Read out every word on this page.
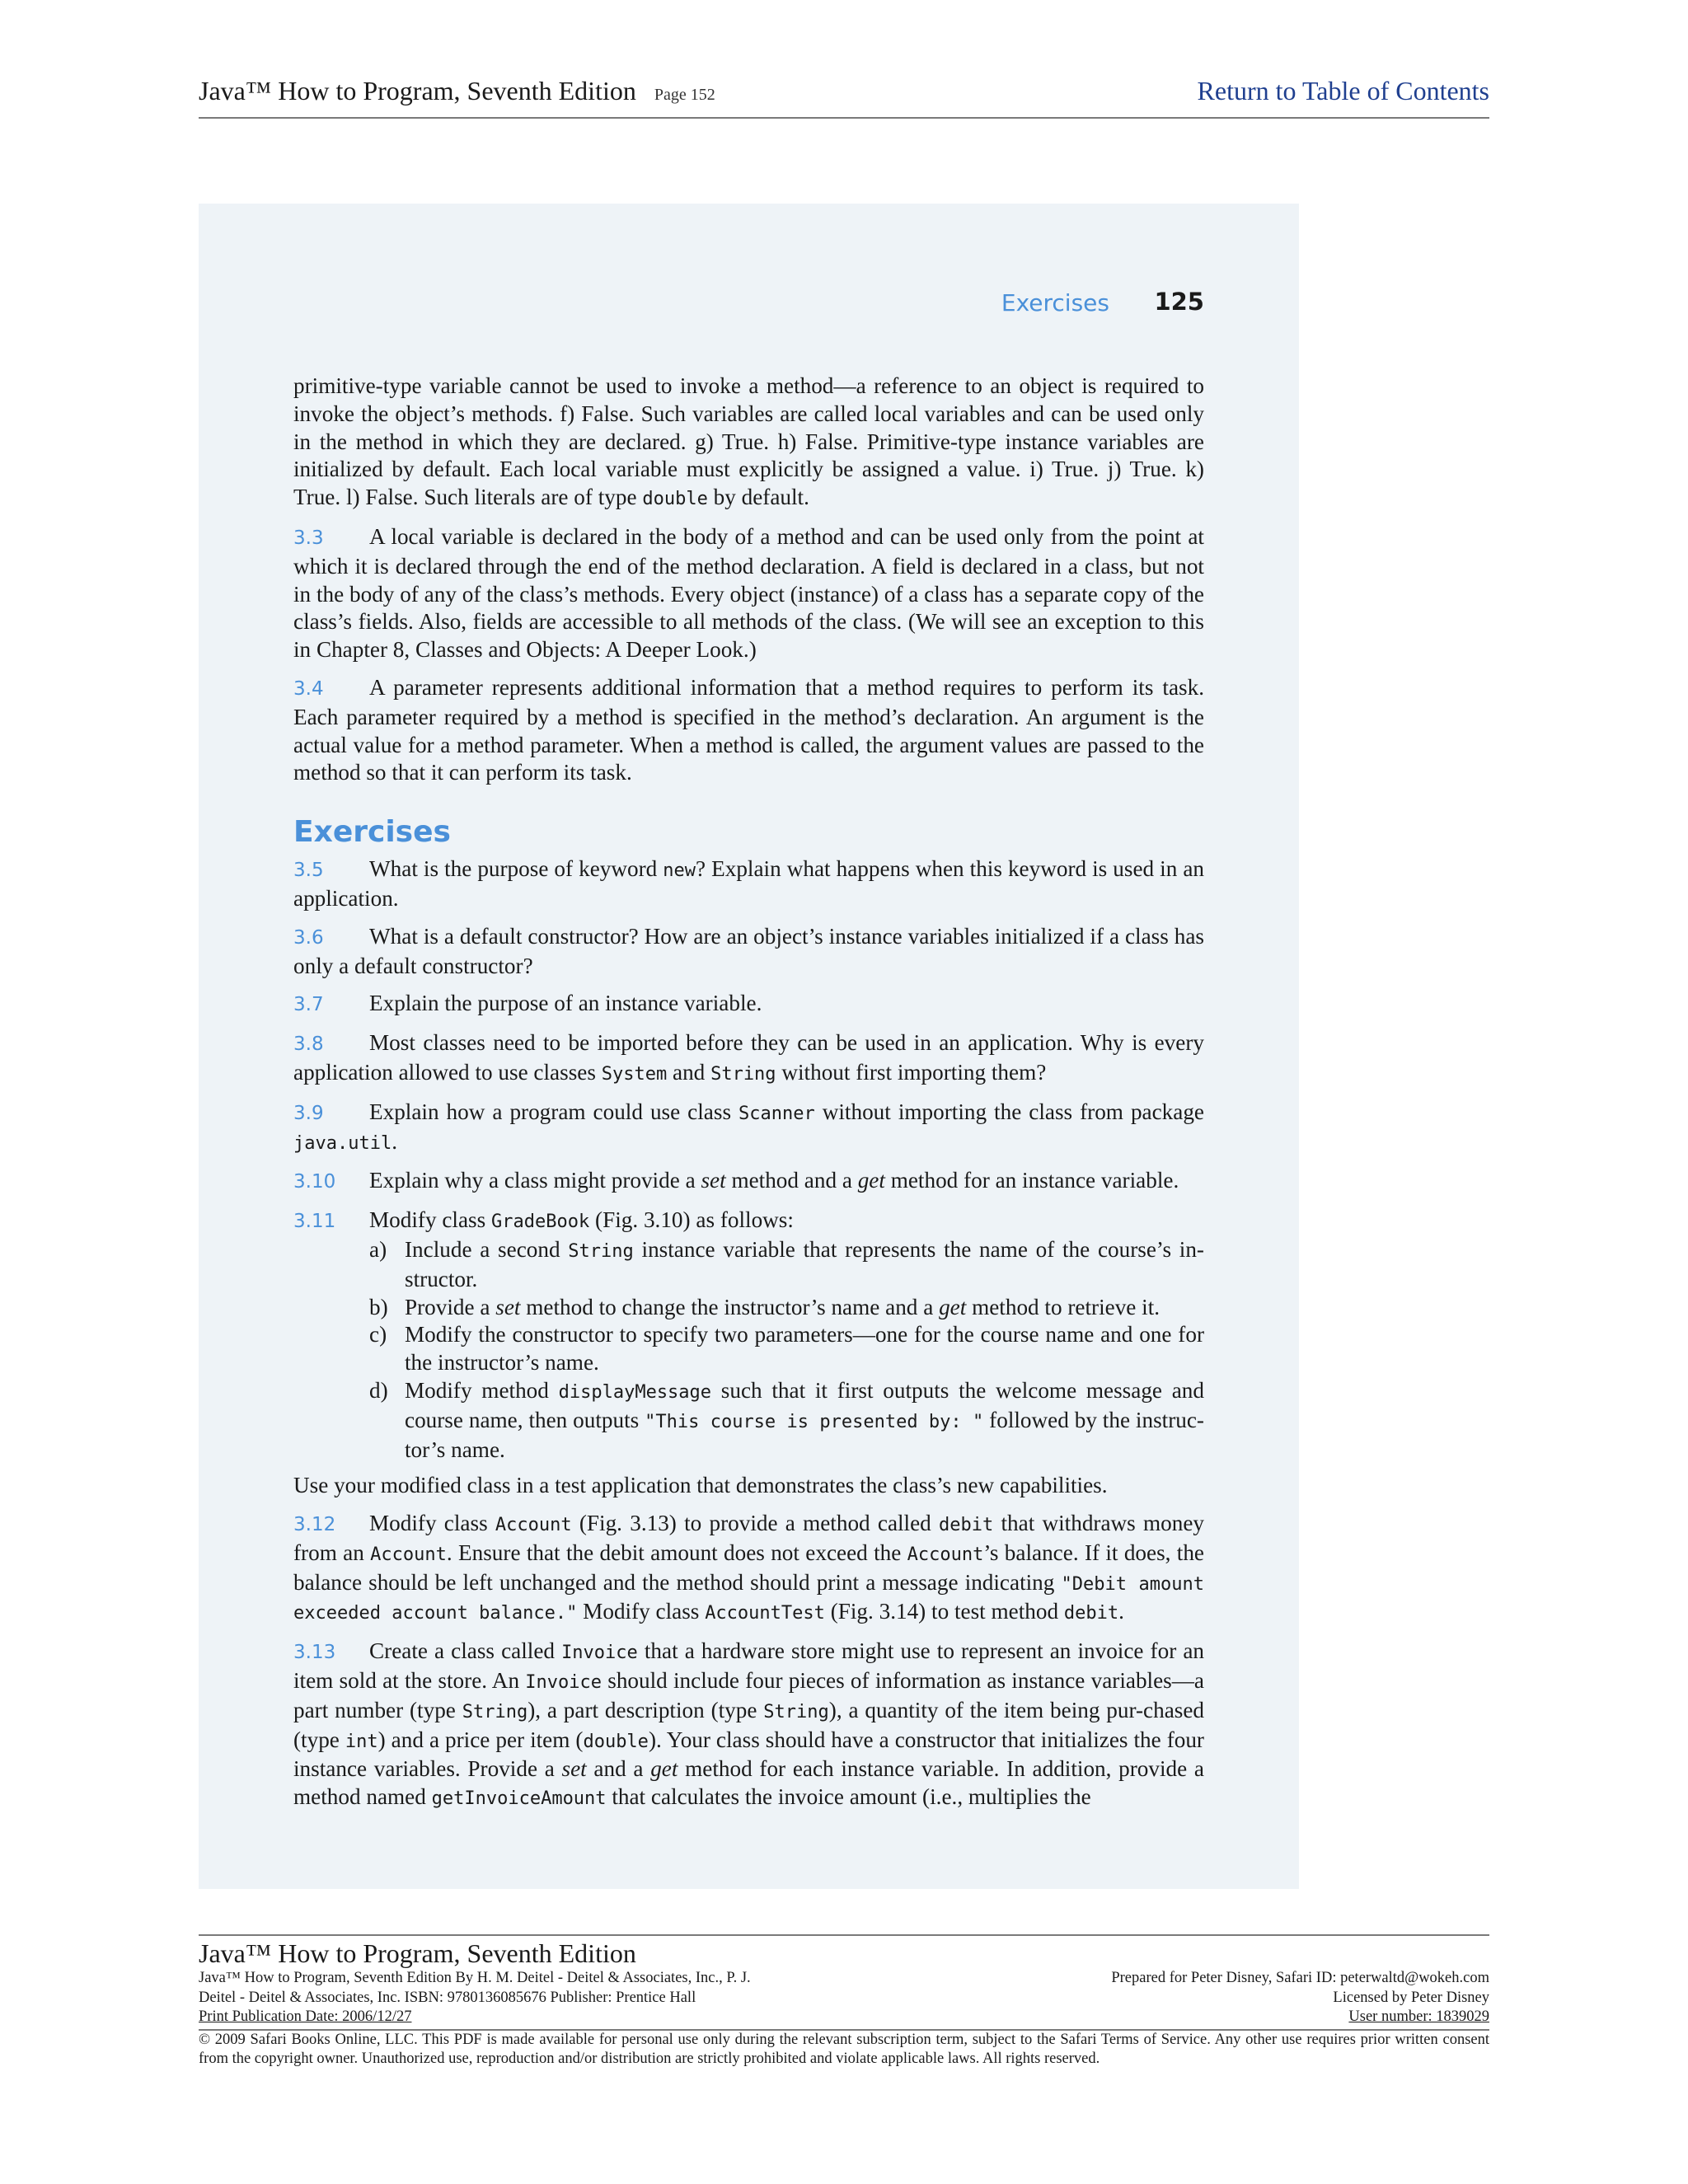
Java™ How to Program, Seventh Edition Page 152	Return to Table of Contents
Exercises 125

primitive-type variable cannot be used to invoke a method—a reference to an object is required to invoke the object’s methods. f) False. Such variables are called local variables and can be used only in the method in which they are declared. g) True. h) False. Primitive-type instance variables are initialized by default. Each local variable must explicitly be assigned a value. i) True. j) True. k) True. l) False. Such literals are of type double by default.

3.3 A local variable is declared in the body of a method and can be used only from the point at which it is declared through the end of the method declaration. A field is declared in a class, but not in the body of any of the class’s methods. Every object (instance) of a class has a separate copy of the class’s fields. Also, fields are accessible to all methods of the class. (We will see an exception to this in Chapter 8, Classes and Objects: A Deeper Look.)

3.4 A parameter represents additional information that a method requires to perform its task. Each parameter required by a method is specified in the method’s declaration. An argument is the actual value for a method parameter. When a method is called, the argument values are passed to the method so that it can perform its task.

Exercises

3.5 What is the purpose of keyword new? Explain what happens when this keyword is used in an application.

3.6 What is a default constructor? How are an object’s instance variables initialized if a class has only a default constructor?

3.7 Explain the purpose of an instance variable.

3.8 Most classes need to be imported before they can be used in an application. Why is every application allowed to use classes System and String without first importing them?

3.9 Explain how a program could use class Scanner without importing the class from package java.util.

3.10 Explain why a class might provide a set method and a get method for an instance variable.

3.11 Modify class GradeBook (Fig. 3.10) as follows:

a) Include a second String instance variable that represents the name of the course’s in-structor.
b) Provide a set method to change the instructor’s name and a get method to retrieve it.
c) Modify the constructor to specify two parameters—one for the course name and one for the instructor’s name.
d) Modify method displayMessage such that it first outputs the welcome message and course name, then outputs "This course is presented by: " followed by the instruc-tor’s name.

Use your modified class in a test application that demonstrates the class’s new capabilities.

3.12 Modify class Account (Fig. 3.13) to provide a method called debit that withdraws money from an Account. Ensure that the debit amount does not exceed the Account’s balance. If it does, the balance should be left unchanged and the method should print a message indicating "Debit amount exceeded account balance." Modify class AccountTest (Fig. 3.14) to test method debit.

3.13 Create a class called Invoice that a hardware store might use to represent an invoice for an item sold at the store. An Invoice should include four pieces of information as instance variables—a part number (type String), a part description (type String), a quantity of the item being pur-chased (type int) and a price per item (double). Your class should have a constructor that initializes the four instance variables. Provide a set and a get method for each instance variable. In addition, provide a method named getInvoiceAmount that calculates the invoice amount (i.e., multiplies the

Java™ How to Program, Seventh Edition
Java™ How to Program, Seventh Edition By H. M. Deitel - Deitel & Associates, Inc., P. J.	Prepared for Peter Disney, Safari ID: peterwaltd@wokeh.com
Deitel - Deitel & Associates, Inc. ISBN: 9780136085676 Publisher: Prentice Hall	Licensed by Peter Disney
Print Publication Date: 2006/12/27	User number: 1839029
© 2009 Safari Books Online, LLC. This PDF is made available for personal use only during the relevant subscription term, subject to the Safari Terms of Service. Any other use requires prior written consent from the copyright owner. Unauthorized use, reproduction and/or distribution are strictly prohibited and violate applicable laws. All rights reserved.
